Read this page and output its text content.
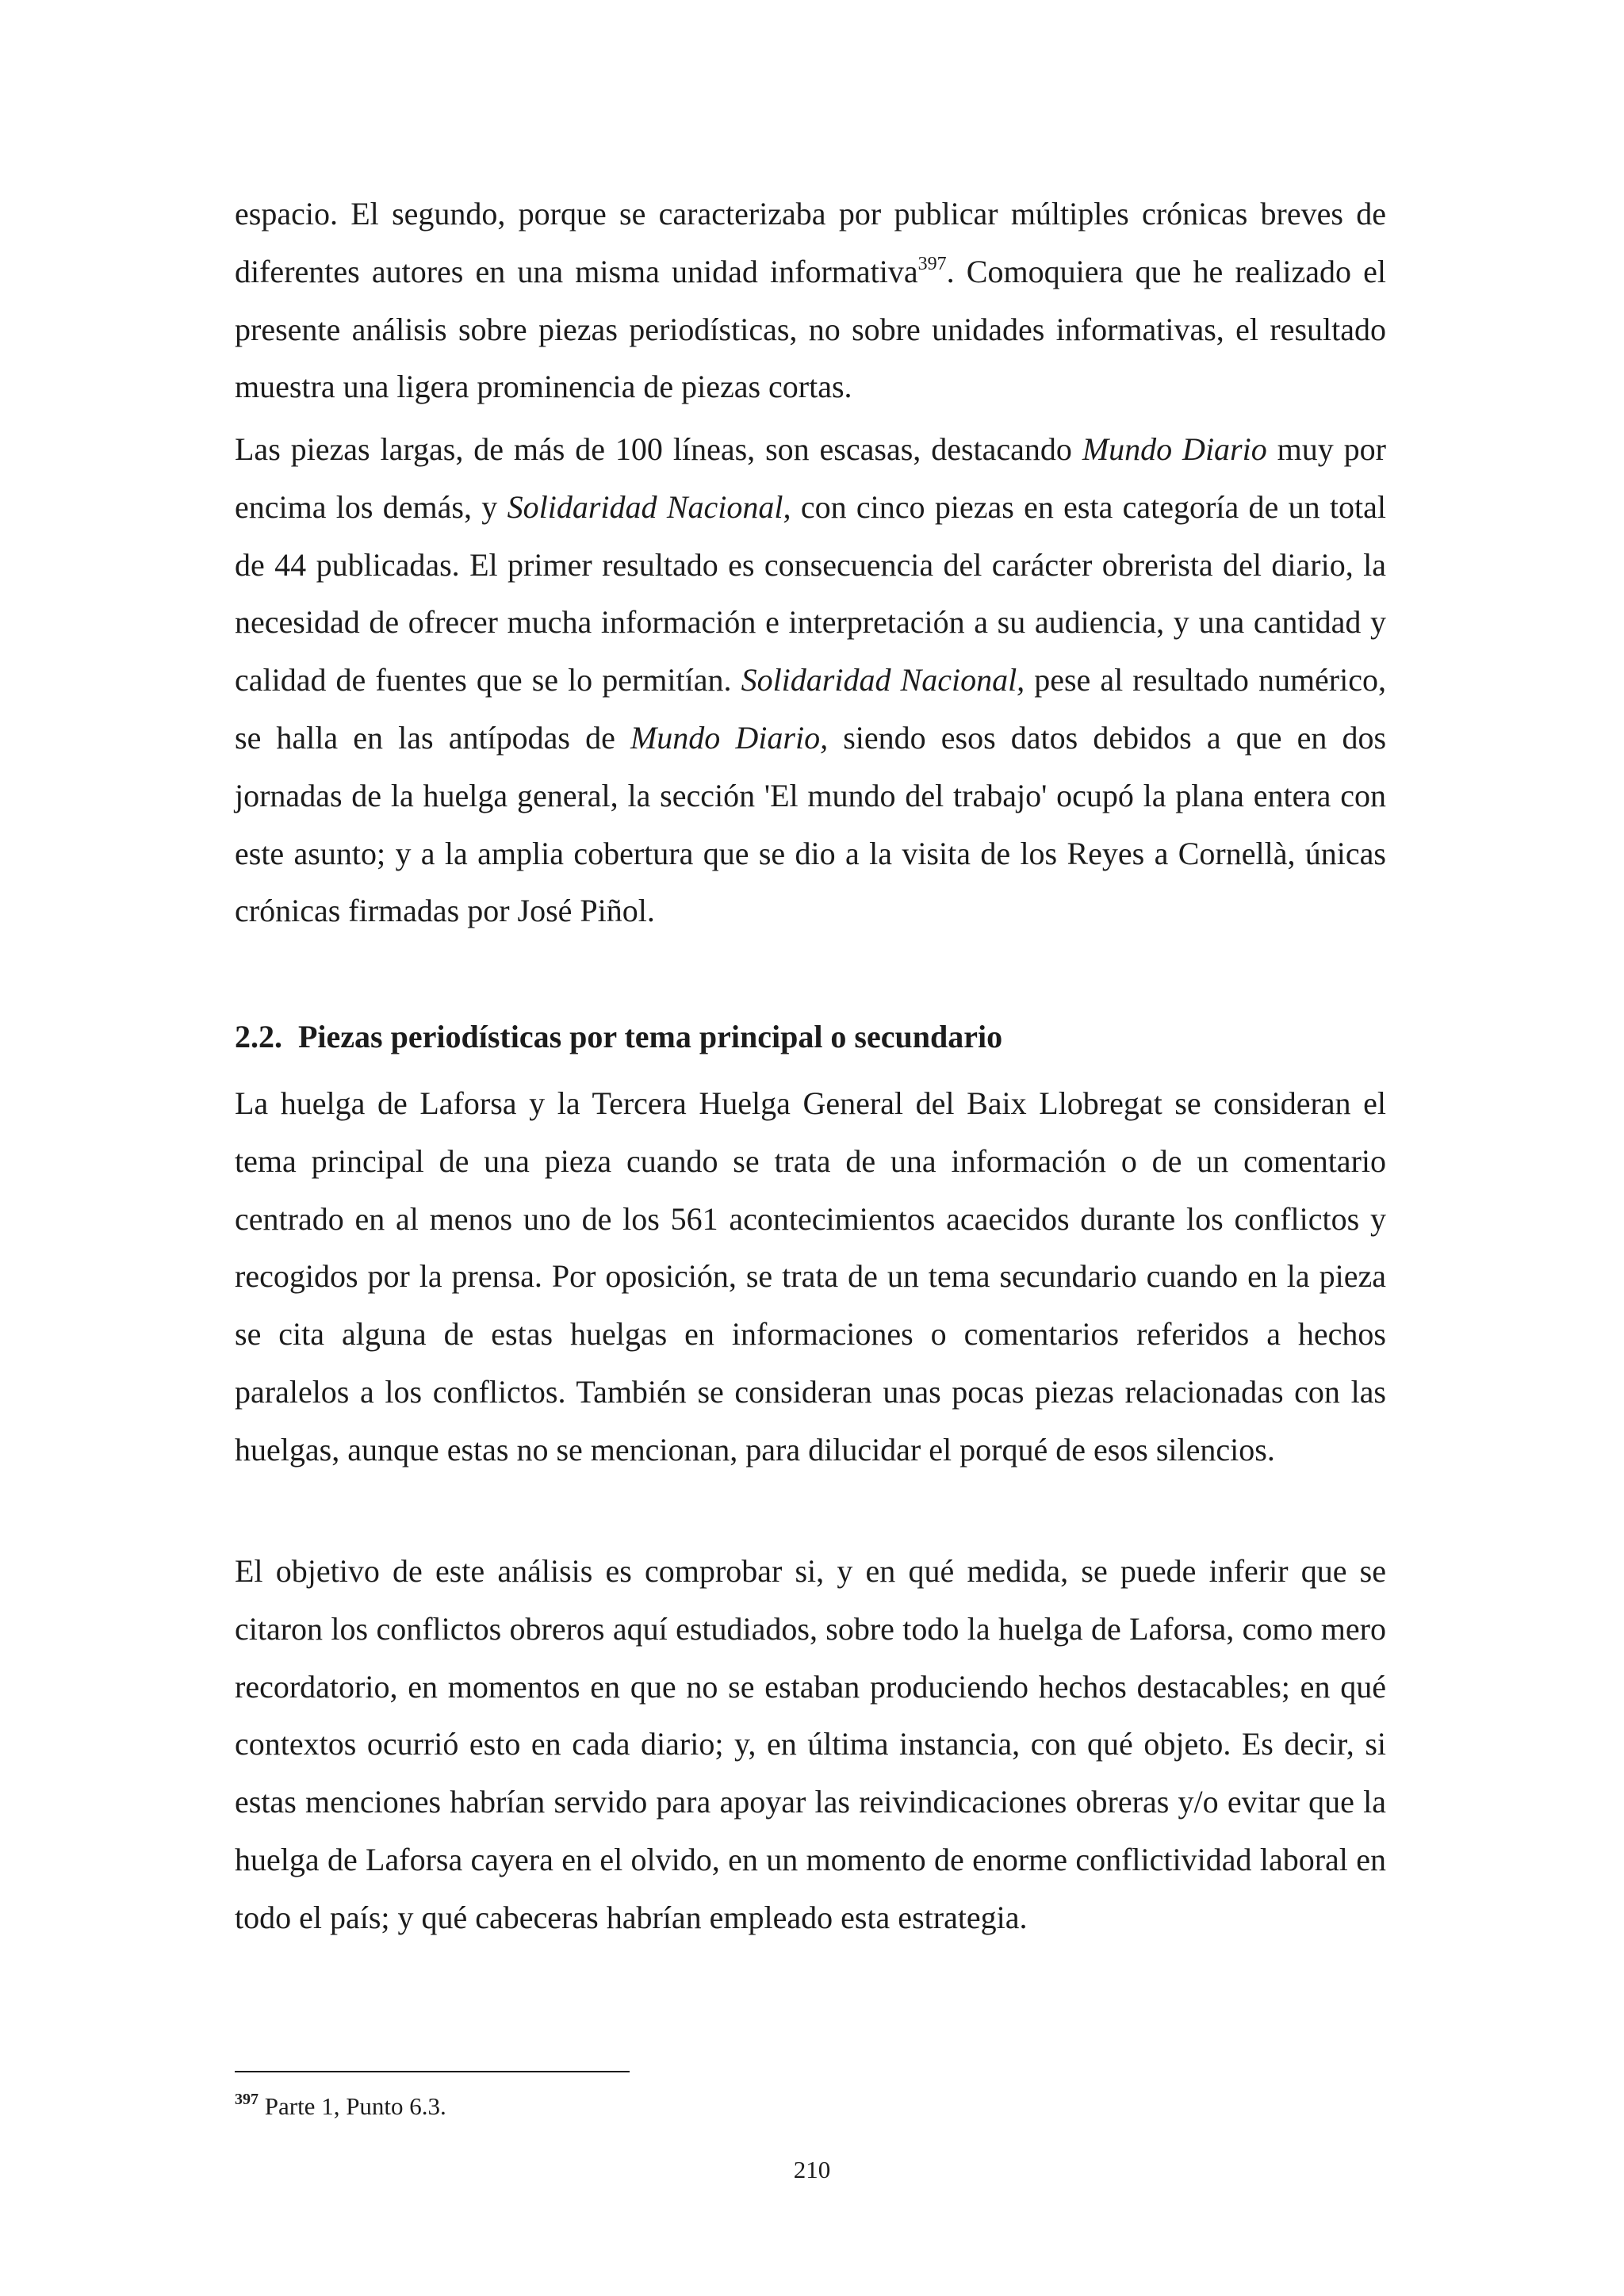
espacio. El segundo, porque se caracterizaba por publicar múltiples crónicas breves de diferentes autores en una misma unidad informativa$^{397}$. Comoquiera que he realizado el presente análisis sobre piezas periodísticas, no sobre unidades informativas, el resultado muestra una ligera prominencia de piezas cortas.

Las piezas largas, de más de 100 líneas, son escasas, destacando Mundo Diario muy por encima los demás, y Solidaridad Nacional, con cinco piezas en esta categoría de un total de 44 publicadas. El primer resultado es consecuencia del carácter obrerista del diario, la necesidad de ofrecer mucha información e interpretación a su audiencia, y una cantidad y calidad de fuentes que se lo permitían. Solidaridad Nacional, pese al resultado numérico, se halla en las antípodas de Mundo Diario, siendo esos datos debidos a que en dos jornadas de la huelga general, la sección 'El mundo del trabajo' ocupó la plana entera con este asunto; y a la amplia cobertura que se dio a la visita de los Reyes a Cornellà, únicas crónicas firmadas por José Piñol.

2.2. Piezas periodísticas por tema principal o secundario

La huelga de Laforsa y la Tercera Huelga General del Baix Llobregat se consideran el tema principal de una pieza cuando se trata de una información o de un comentario centrado en al menos uno de los 561 acontecimientos acaecidos durante los conflictos y recogidos por la prensa. Por oposición, se trata de un tema secundario cuando en la pieza se cita alguna de estas huelgas en informaciones o comentarios referidos a hechos paralelos a los conflictos. También se consideran unas pocas piezas relacionadas con las huelgas, aunque estas no se mencionan, para dilucidar el porqué de esos silencios.

El objetivo de este análisis es comprobar si, y en qué medida, se puede inferir que se citaron los conflictos obreros aquí estudiados, sobre todo la huelga de Laforsa, como mero recordatorio, en momentos en que no se estaban produciendo hechos destacables; en qué contextos ocurrió esto en cada diario; y, en última instancia, con qué objeto. Es decir, si estas menciones habrían servido para apoyar las reivindicaciones obreras y/o evitar que la huelga de Laforsa cayera en el olvido, en un momento de enorme conflictividad laboral en todo el país; y qué cabeceras habrían empleado esta estrategia.

$^{397}$ Parte 1, Punto 6.3.

210
